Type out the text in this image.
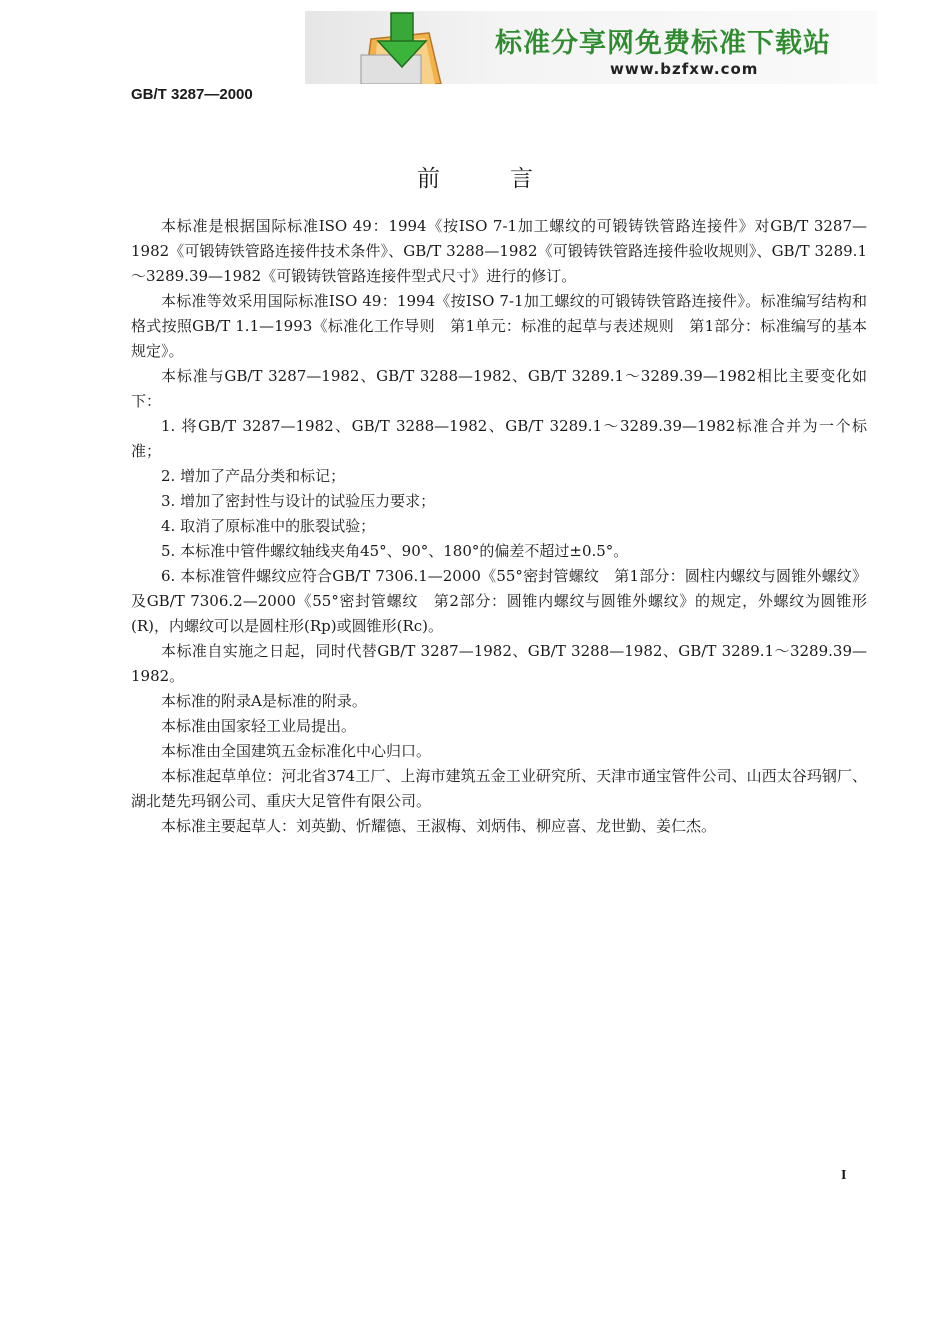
标准分享网免费标准下载站
www.bzfxw.com
GB/T 3287—2000
前	言

本标准是根据国际标准ISO 49：1994《按ISO 7-1加工螺纹的可锻铸铁管路连接件》对GB/T 3287—1982《可锻铸铁管路连接件技术条件》、GB/T 3288—1982《可锻铸铁管路连接件验收规则》、GB/T 3289.1～3289.39—1982《可锻铸铁管路连接件型式尺寸》进行的修订。

本标准等效采用国际标准ISO 49：1994《按ISO 7-1加工螺纹的可锻铸铁管路连接件》。标准编写结构和格式按照GB/T 1.1—1993《标准化工作导则　第1单元：标准的起草与表述规则　第1部分：标准编写的基本规定》。

本标准与GB/T 3287—1982、GB/T 3288—1982、GB/T 3289.1～3289.39—1982相比主要变化如下：

1. 将GB/T 3287—1982、GB/T 3288—1982、GB/T 3289.1～3289.39—1982标准合并为一个标准；

2. 增加了产品分类和标记；

3. 增加了密封性与设计的试验压力要求；

4. 取消了原标准中的胀裂试验；

5. 本标准中管件螺纹轴线夹角45°、90°、180°的偏差不超过±0.5°。

6. 本标准管件螺纹应符合GB/T 7306.1—2000《55°密封管螺纹　第1部分：圆柱内螺纹与圆锥外螺纹》及GB/T 7306.2—2000《55°密封管螺纹　第2部分：圆锥内螺纹与圆锥外螺纹》的规定，外螺纹为圆锥形(R)，内螺纹可以是圆柱形(Rp)或圆锥形(Rc)。

本标准自实施之日起，同时代替GB/T 3287—1982、GB/T 3288—1982、GB/T 3289.1～3289.39—1982。

本标准的附录A是标准的附录。

本标准由国家轻工业局提出。

本标准由全国建筑五金标准化中心归口。

本标准起草单位：河北省374工厂、上海市建筑五金工业研究所、天津市通宝管件公司、山西太谷玛钢厂、湖北楚先玛钢公司、重庆大足管件有限公司。

本标准主要起草人：刘英勤、忻耀德、王淑梅、刘炳伟、柳应喜、龙世勤、姜仁杰。

I
